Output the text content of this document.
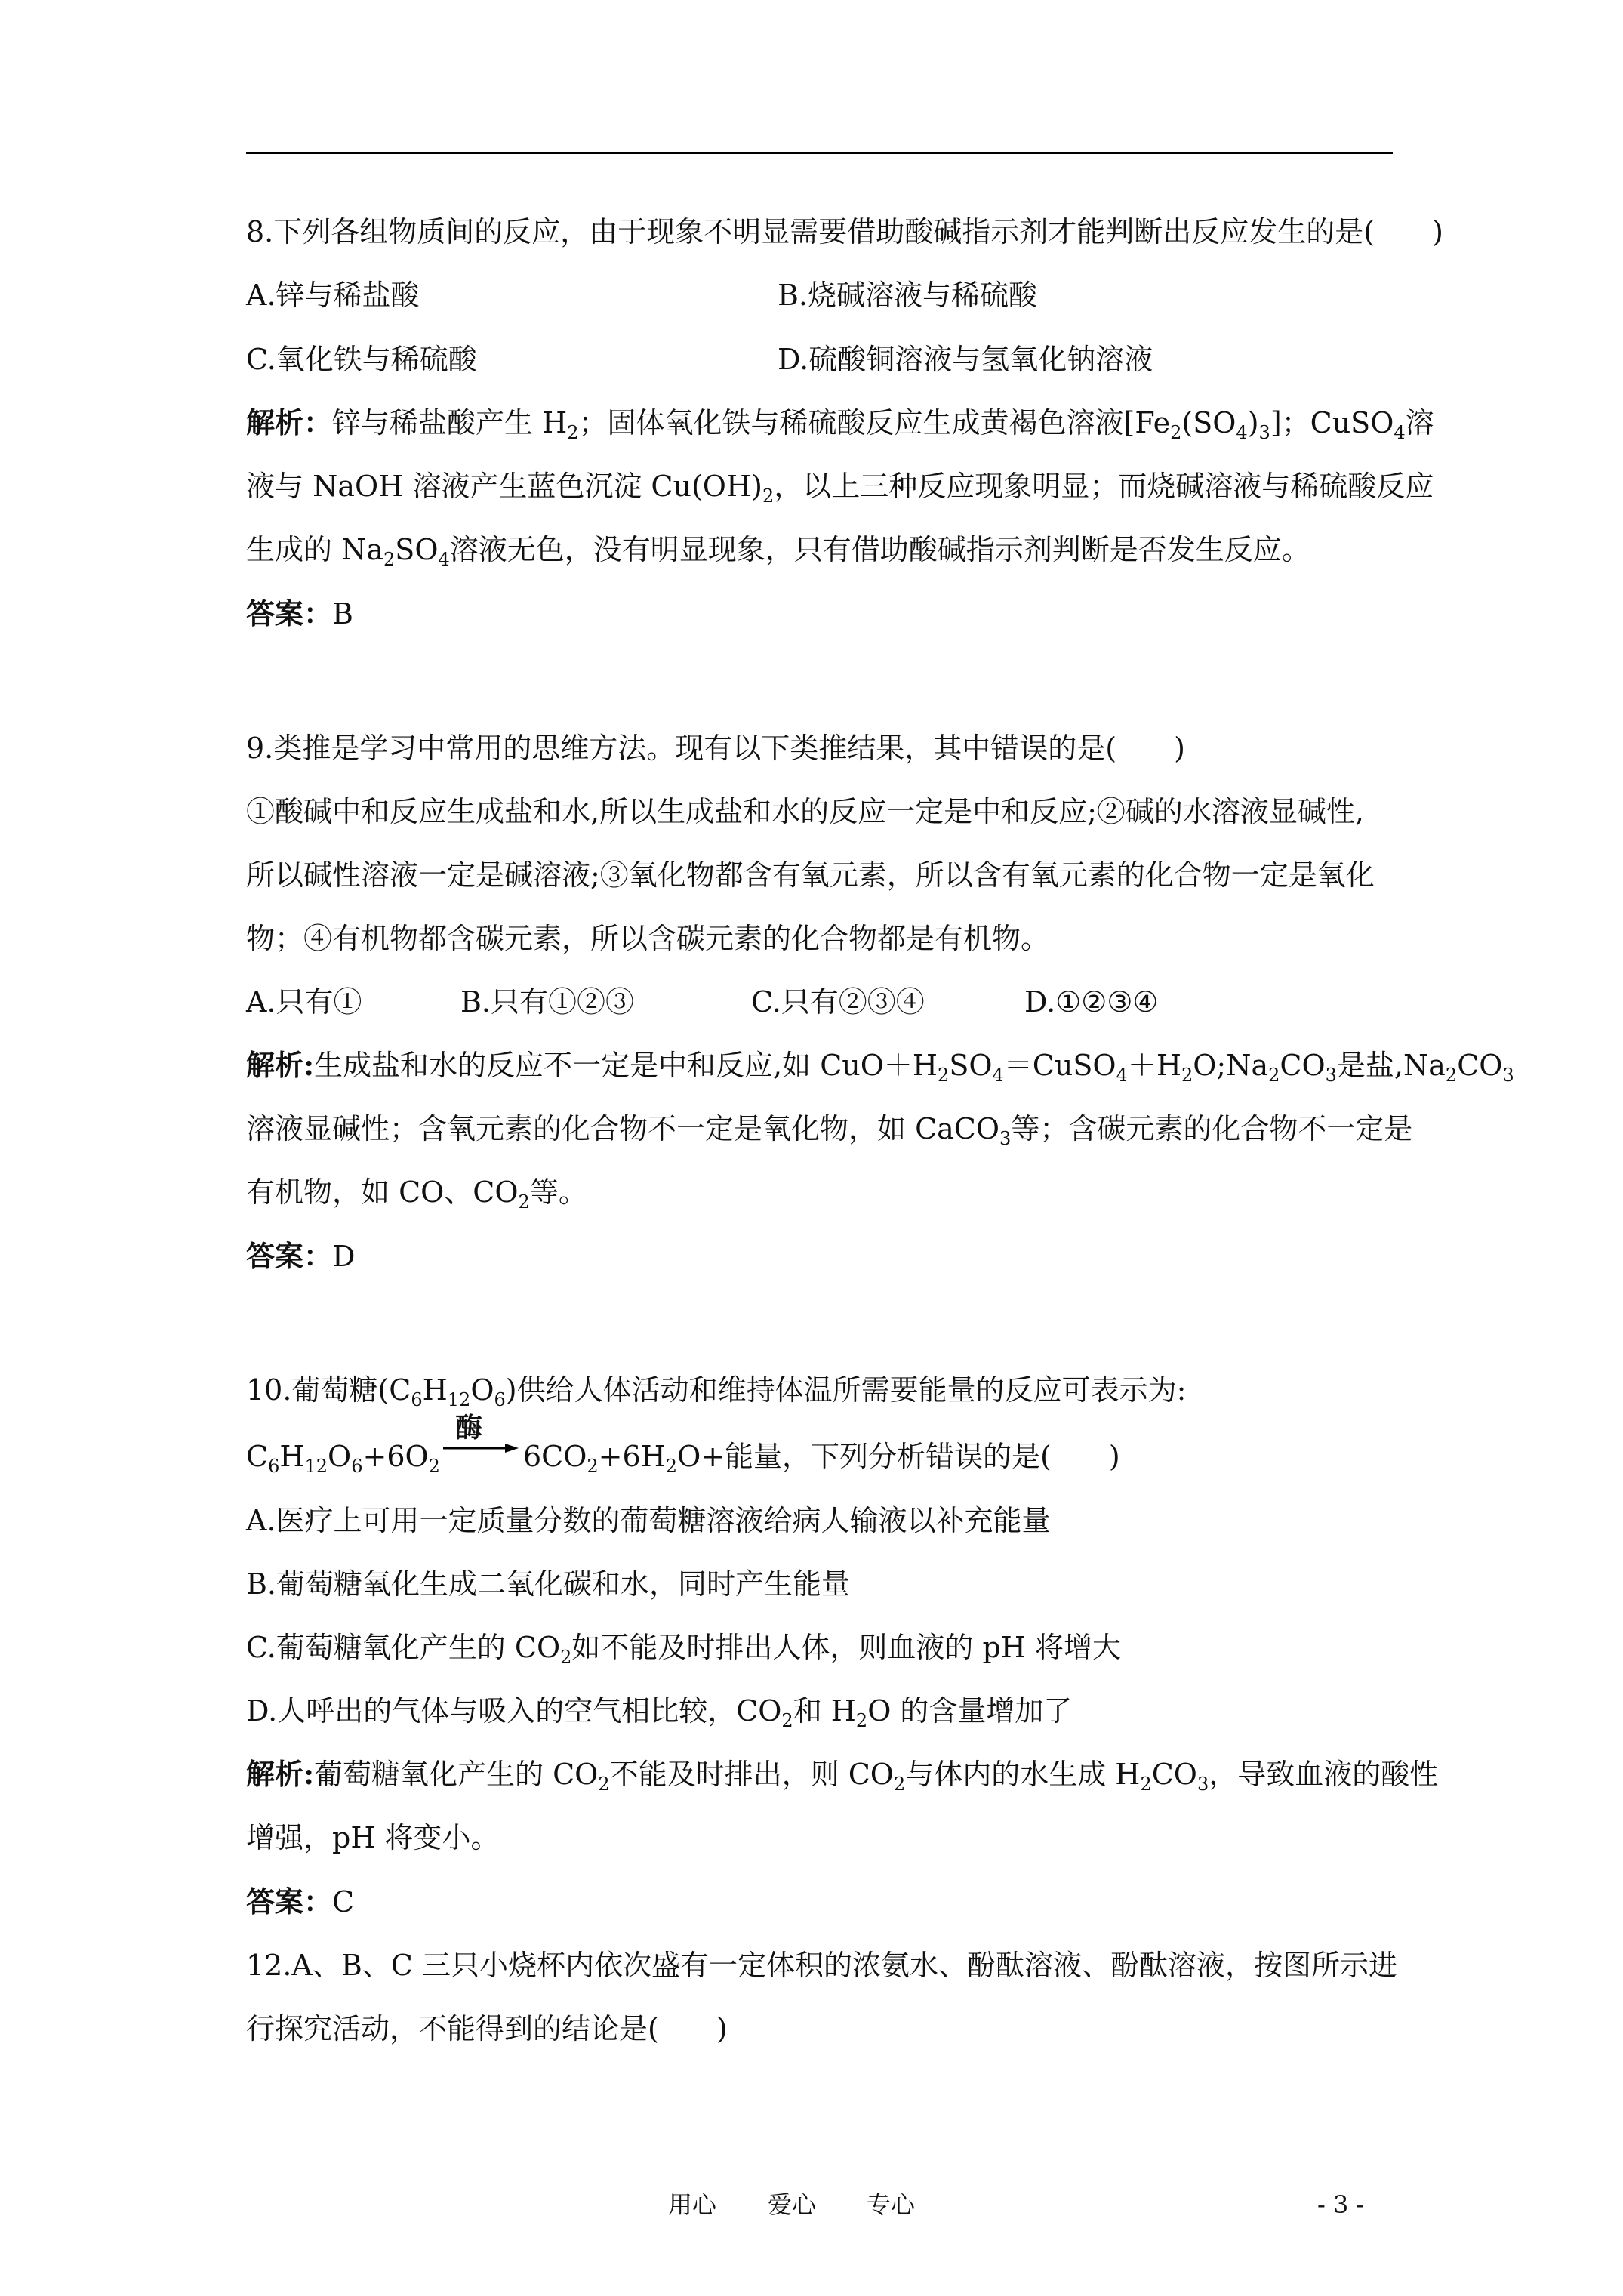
8.下列各组物质间的反应，由于现象不明显需要借助酸碱指示剂才能判断出反应发生的是(　　)
A.锌与稀盐酸	B.烧碱溶液与稀硫酸
C.氧化铁与稀硫酸	D.硫酸铜溶液与氢氧化钠溶液
解析：锌与稀盐酸产生 $H_2$；固体氧化铁与稀硫酸反应生成黄褐色溶液$[Fe_2(SO_4)_3]$；CuSO$_4$溶
液与 NaOH 溶液产生蓝色沉淀 $Cu(OH)_2$，以上三种反应现象明显；而烧碱溶液与稀硫酸反应
生成的 $Na_2SO_4$溶液无色，没有明显现象，只有借助酸碱指示剂判断是否发生反应。
答案：B
9.类推是学习中常用的思维方法。现有以下类推结果，其中错误的是(　　)
①酸碱中和反应生成盐和水,所以生成盐和水的反应一定是中和反应;②碱的水溶液显碱性,
所以碱性溶液一定是碱溶液;③氧化物都含有氧元素，所以含有氧元素的化合物一定是氧化
物；④有机物都含碳元素，所以含碳元素的化合物都是有机物。
A.只有①	B.只有①②③	C.只有②③④	D.①②③④
解析:生成盐和水的反应不一定是中和反应,如 $CuO+H_2SO_4=CuSO_4+H_2O;Na_2CO_3$是盐$,Na_2CO_3$
溶液显碱性；含氧元素的化合物不一定是氧化物，如 CaCO$_3$等；含碳元素的化合物不一定是
有机物，如 CO、$CO_2$等。
答案：D
10.葡萄糖$(C_6H_{12}O_6)$供给人体活动和维持体温所需要能量的反应可表示为:
$C_6H_{12}O_6+6O_2$
酶
$6CO_2+6H_2O+$能量，下列分析错误的是(　　)
A.医疗上可用一定质量分数的葡萄糖溶液给病人输液以补充能量
B.葡萄糖氧化生成二氧化碳和水，同时产生能量
C.葡萄糖氧化产生的 $CO_2$如不能及时排出人体，则血液的 pH 将增大
D.人呼出的气体与吸入的空气相比较，$CO_2$和 $H_2O$ 的含量增加了
解析:葡萄糖氧化产生的 $CO_2$不能及时排出，则 $CO_2$与体内的水生成 $H_2CO_3$，导致血液的酸性
增强，pH 将变小。
答案：C
12.A、B、C 三只小烧杯内依次盛有一定体积的浓氨水、酚酞溶液、酚酞溶液，按图所示进
行探究活动，不能得到的结论是(　　)
用心 爱心 专心	- 3 -
